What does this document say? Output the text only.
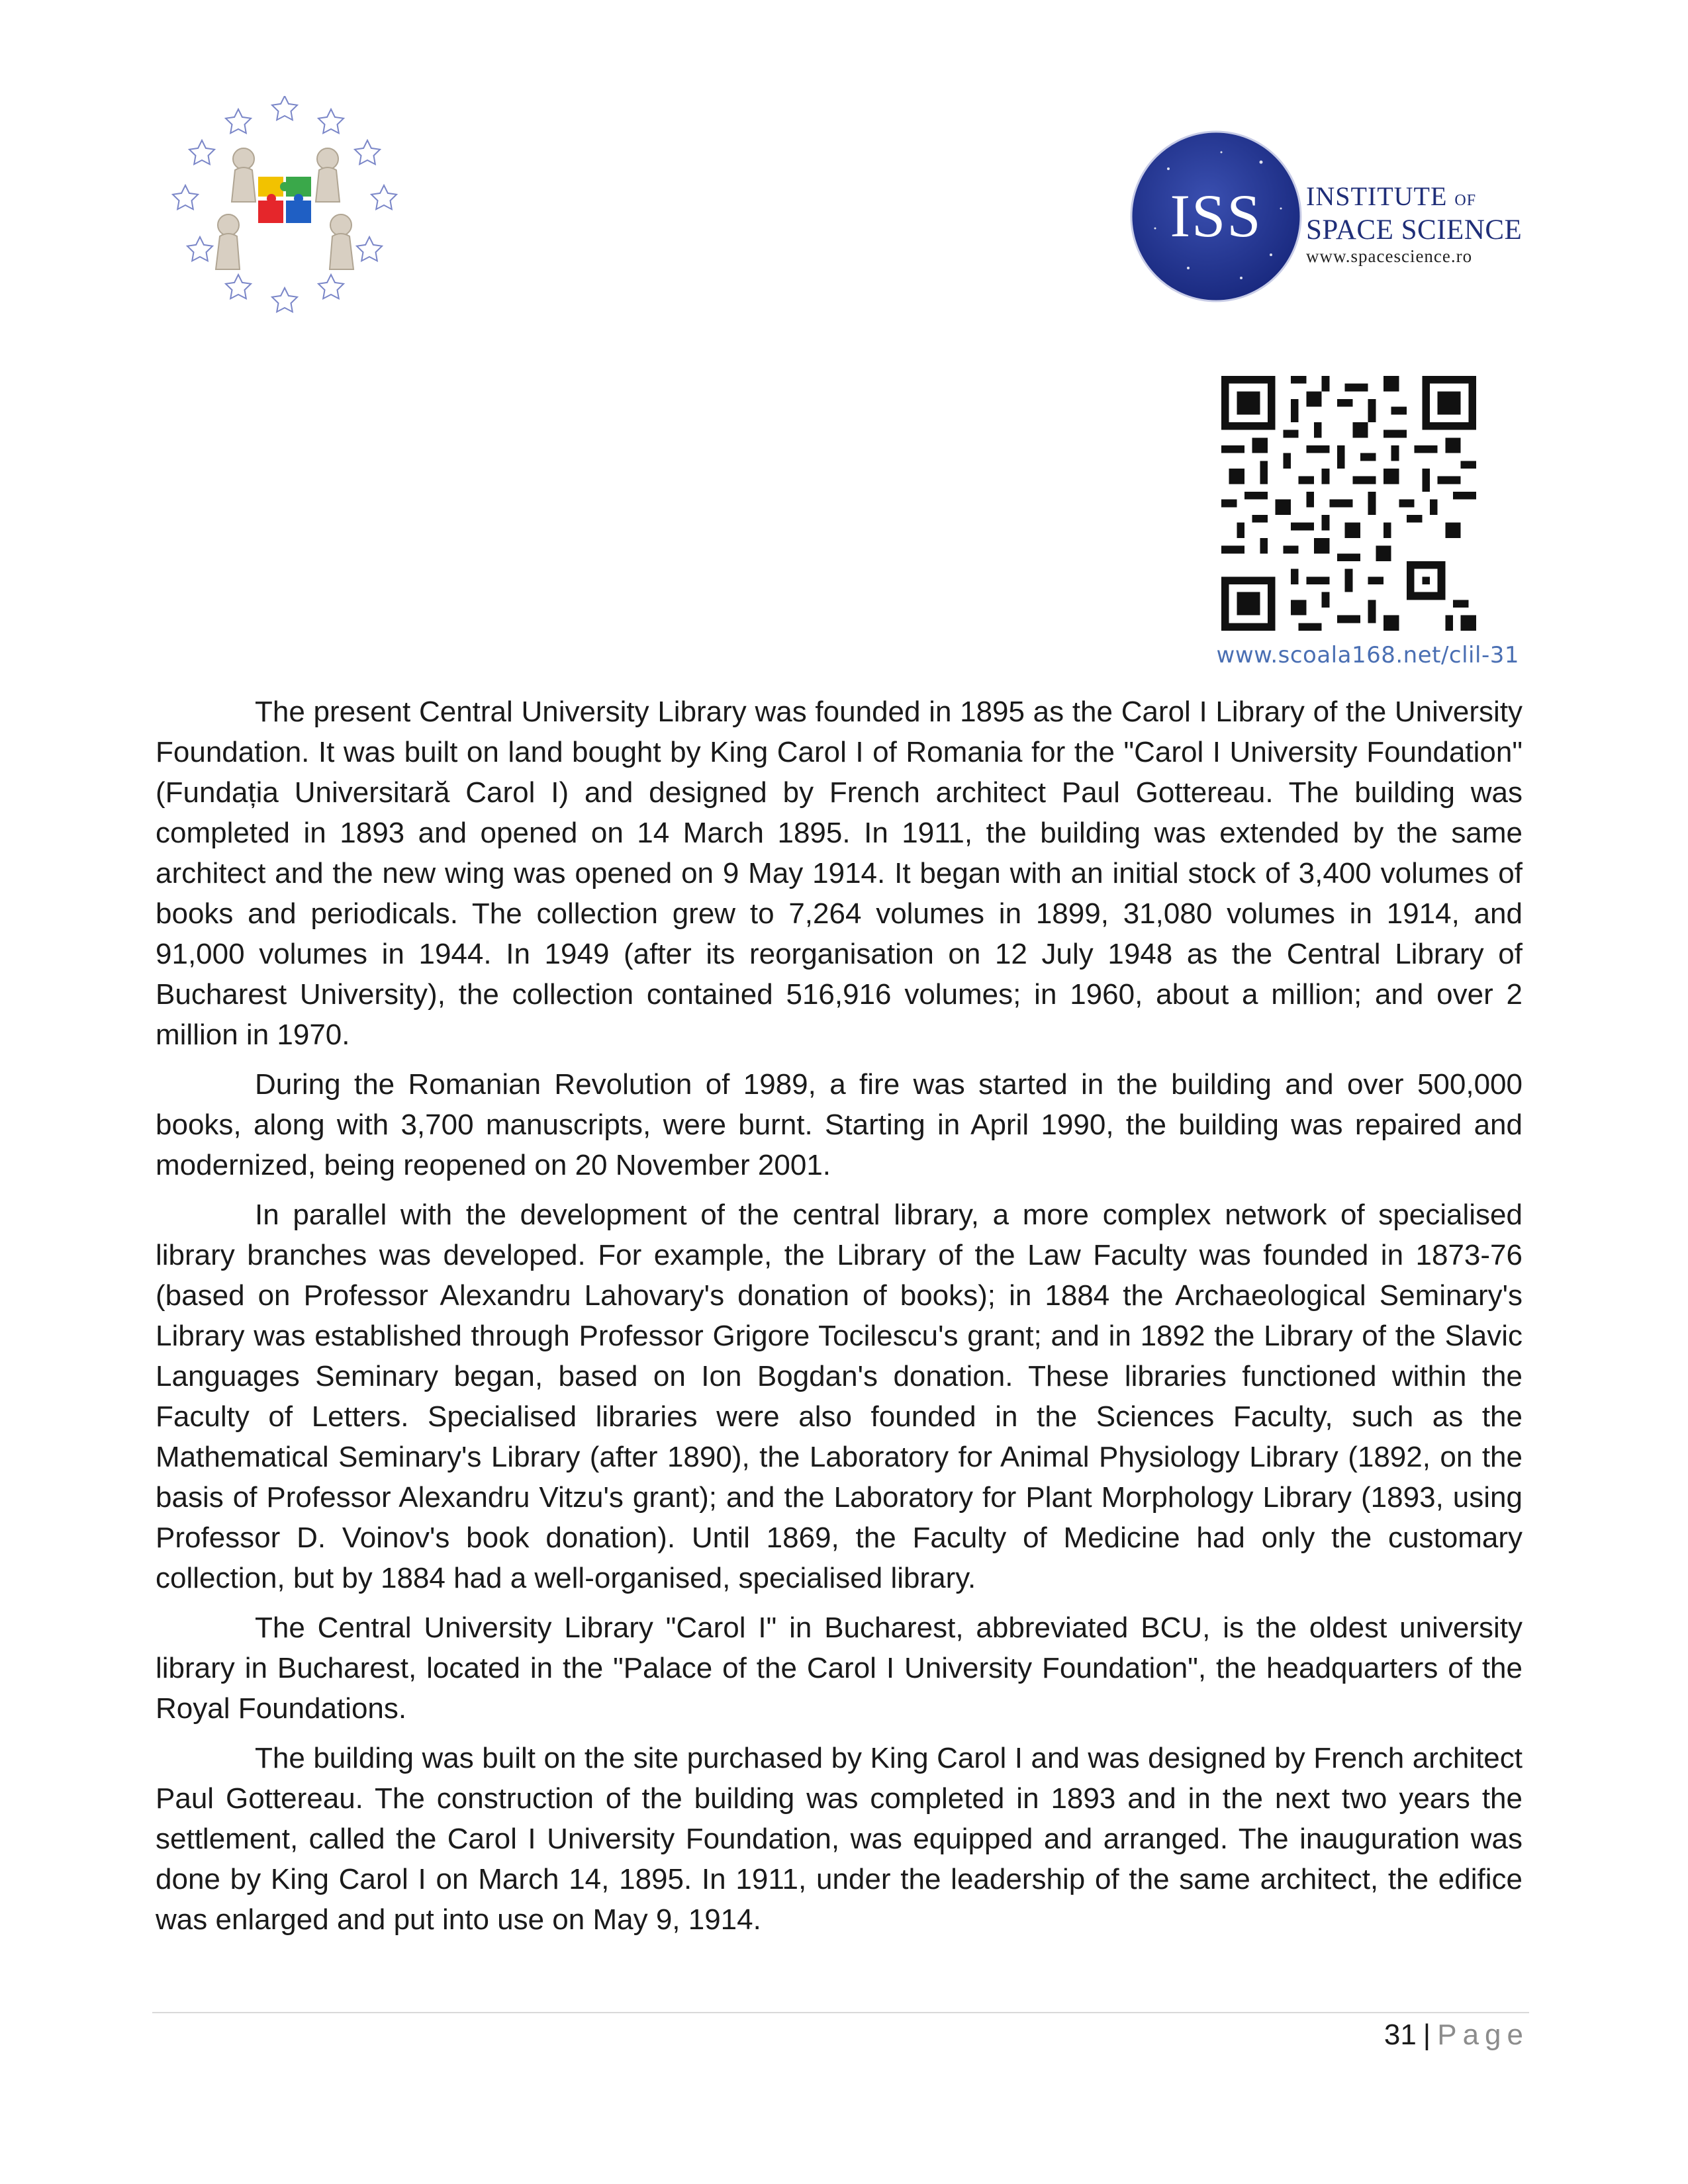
ISS INSTITUTE OF
SPACE SCIENCE
www.spacescience.ro
www.scoala168.net/clil-31

The present Central University Library was founded in 1895 as the Carol I Library of the University Foundation. It was built on land bought by King Carol I of Romania for the "Carol I University Foundation" (Fundația Universitară Carol I) and designed by French architect Paul Gottereau. The building was completed in 1893 and opened on 14 March 1895. In 1911, the building was extended by the same architect and the new wing was opened on 9 May 1914. It began with an initial stock of 3,400 volumes of books and periodicals. The collection grew to 7,264 volumes in 1899, 31,080 volumes in 1914, and 91,000 volumes in 1944. In 1949 (after its reorganisation on 12 July 1948 as the Central Library of Bucharest University), the collection contained 516,916 volumes; in 1960, about a million; and over 2 million in 1970.

During the Romanian Revolution of 1989, a fire was started in the building and over 500,000 books, along with 3,700 manuscripts, were burnt. Starting in April 1990, the building was repaired and modernized, being reopened on 20 November 2001.

In parallel with the development of the central library, a more complex network of specialised library branches was developed. For example, the Library of the Law Faculty was founded in 1873-76 (based on Professor Alexandru Lahovary's donation of books); in 1884 the Archaeological Seminary's Library was established through Professor Grigore Tocilescu's grant; and in 1892 the Library of the Slavic Languages Seminary began, based on Ion Bogdan's donation. These libraries functioned within the Faculty of Letters. Specialised libraries were also founded in the Sciences Faculty, such as the Mathematical Seminary's Library (after 1890), the Laboratory for Animal Physiology Library (1892, on the basis of Professor Alexandru Vitzu's grant); and the Laboratory for Plant Morphology Library (1893, using Professor D. Voinov's book donation). Until 1869, the Faculty of Medicine had only the customary collection, but by 1884 had a well-organised, specialised library.

The Central University Library "Carol I" in Bucharest, abbreviated BCU, is the oldest university library in Bucharest, located in the "Palace of the Carol I University Foundation", the headquarters of the Royal Foundations.

The building was built on the site purchased by King Carol I and was designed by French architect Paul Gottereau. The construction of the building was completed in 1893 and in the next two years the settlement, called the Carol I University Foundation, was equipped and arranged. The inauguration was done by King Carol I on March 14, 1895. In 1911, under the leadership of the same architect, the edifice was enlarged and put into use on May 9, 1914.

31 | Page
